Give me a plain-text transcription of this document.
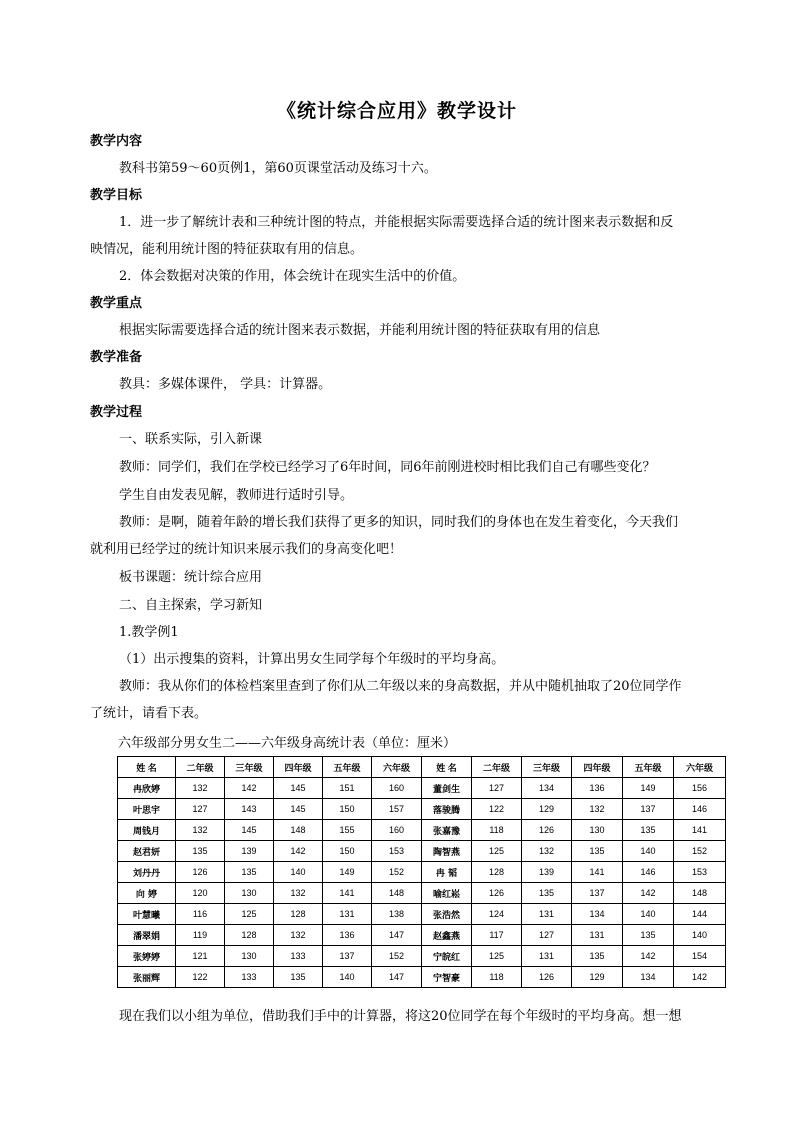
《统计综合应用》教学设计
教学内容
教科书第59～60页例1，第60页课堂活动及练习十六。
教学目标
1．进一步了解统计表和三种统计图的特点，并能根据实际需要选择合适的统计图来表示数据和反
映情况，能利用统计图的特征获取有用的信息。
2．体会数据对决策的作用，体会统计在现实生活中的价值。
教学重点
根据实际需要选择合适的统计图来表示数据，并能利用统计图的特征获取有用的信息
教学准备
教具：多媒体课件， 学具：计算器。
教学过程
一、联系实际，引入新课
教师：同学们，我们在学校已经学习了6年时间，同6年前刚进校时相比我们自己有哪些变化？
学生自由发表见解，教师进行适时引导。
教师：是啊，随着年龄的增长我们获得了更多的知识，同时我们的身体也在发生着变化，今天我们
就利用已经学过的统计知识来展示我们的身高变化吧！
板书课题：统计综合应用
二、自主探索，学习新知
1.教学例1
（1）出示搜集的资料，计算出男女生同学每个年级时的平均身高。
教师：我从你们的体检档案里查到了你们从二年级以来的身高数据，并从中随机抽取了20位同学作
了统计，请看下表。
六年级部分男女生二——六年级身高统计表（单位：厘米）
姓 名	二年级	三年级	四年级	五年级	六年级	姓 名	二年级	三年级	四年级	五年级	六年级
冉欣婷	132	142	145	151	160	董剑生	127	134	136	149	156
叶思宇	127	143	145	150	157	落骏腾	122	129	132	137	146
周钱月	132	145	148	155	160	张嘉豫	118	126	130	135	141
赵君妍	135	139	142	150	153	陶智燕	125	132	135	140	152
刘丹丹	126	135	140	149	152	冉 韬	128	139	141	146	153
向 婷	120	130	132	141	148	喻红崧	126	135	137	142	148
叶慧曦	116	125	128	131	138	张浩然	124	131	134	140	144
潘翠娟	119	128	132	136	147	赵鑫燕	117	127	131	135	140
张婷婷	121	130	133	137	152	宁皖红	125	131	135	142	154
张丽辉	122	133	135	140	147	宁智豪	118	126	129	134	142
现在我们以小组为单位，借助我们手中的计算器，将这20位同学在每个年级时的平均身高。想一想
